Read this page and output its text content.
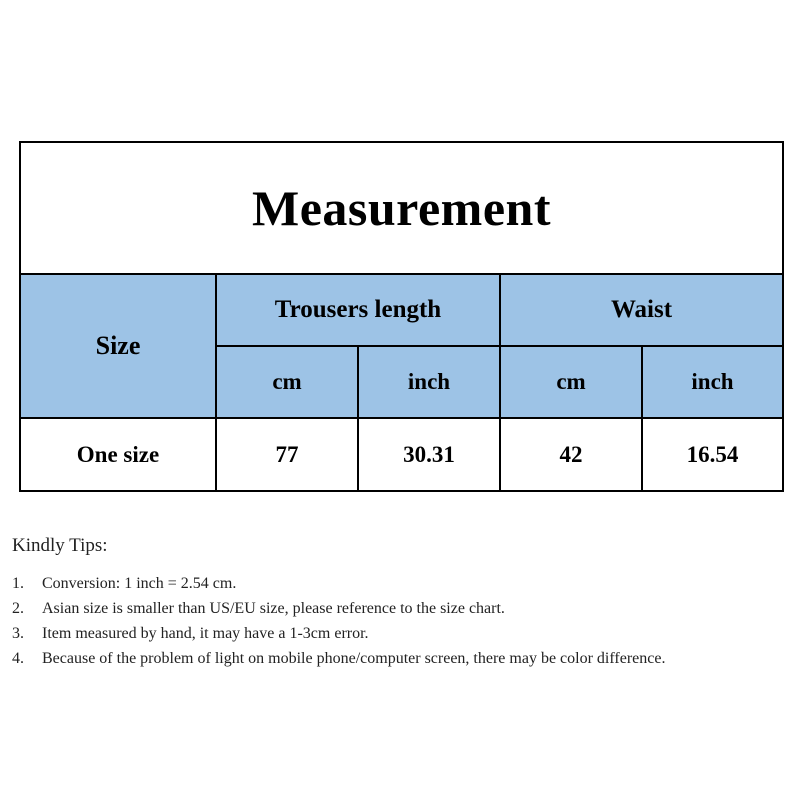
Measurement				
Size	Trousers length		Waist	
	cm	inch	cm	inch
One size	77	30.31	42	16.54

Kindly Tips:

1.	Conversion: 1 inch = 2.54 cm.
2.	Asian size is smaller than US/EU size, please reference to the size chart.
3.	Item measured by hand, it may have a 1-3cm error.
4.	Because of the problem of light on mobile phone/computer screen, there may be color difference.
